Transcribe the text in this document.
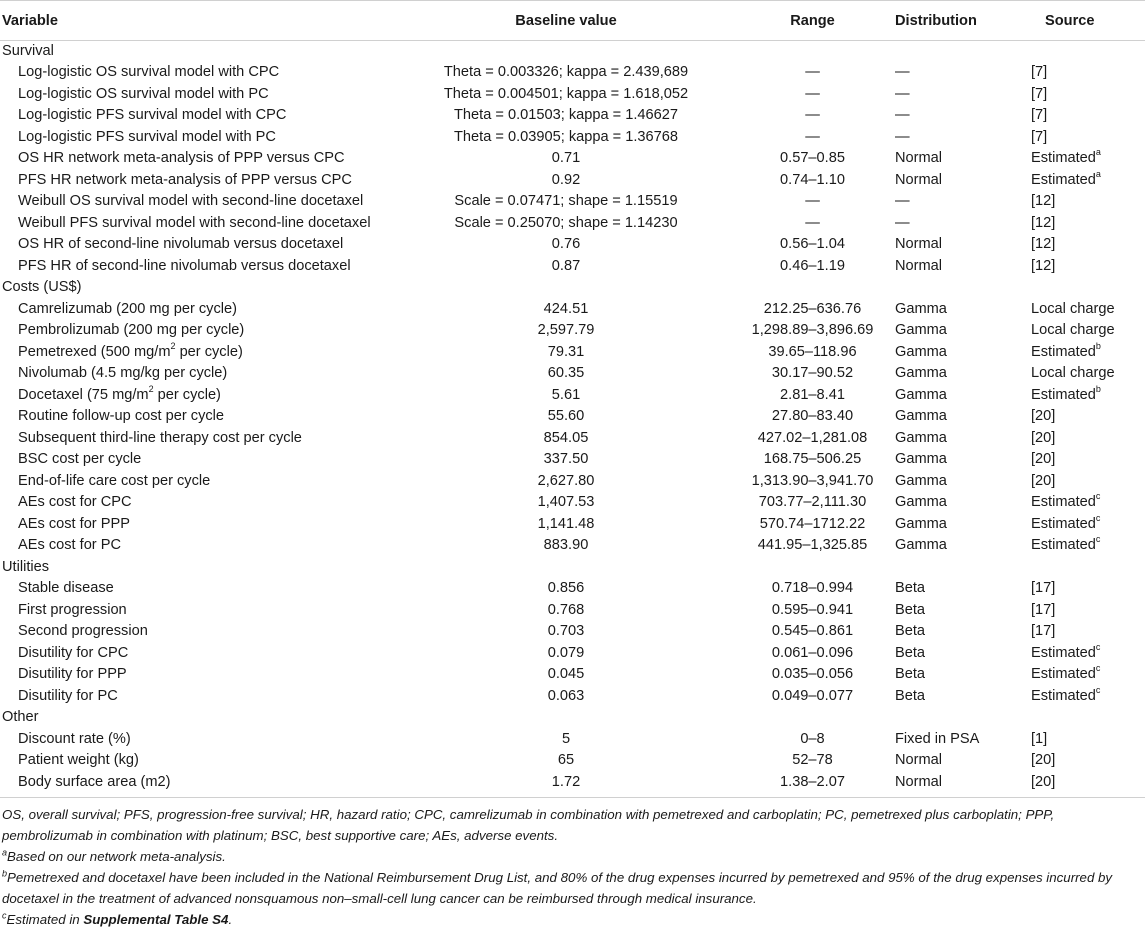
Variable	Baseline value	Range	Distribution	Source
Survival				
Log-logistic OS survival model with CPC	Theta = 0.003326; kappa = 2.439,689	—	—	[7]
Log-logistic OS survival model with PC	Theta = 0.004501; kappa = 1.618,052	—	—	[7]
Log-logistic PFS survival model with CPC	Theta = 0.01503; kappa = 1.46627	—	—	[7]
Log-logistic PFS survival model with PC	Theta = 0.03905; kappa = 1.36768	—	—	[7]
OS HR network meta-analysis of PPP versus CPC	0.71	0.57–0.85	Normal	Estimated$^a$
PFS HR network meta-analysis of PPP versus CPC	0.92	0.74–1.10	Normal	Estimated$^a$
Weibull OS survival model with second-line docetaxel	Scale = 0.07471; shape = 1.15519	—	—	[12]
Weibull PFS survival model with second-line docetaxel	Scale = 0.25070; shape = 1.14230	—	—	[12]
OS HR of second-line nivolumab versus docetaxel	0.76	0.56–1.04	Normal	[12]
PFS HR of second-line nivolumab versus docetaxel	0.87	0.46–1.19	Normal	[12]
Costs (US$)				
Camrelizumab (200 mg per cycle)	424.51	212.25–636.76	Gamma	Local charge
Pembrolizumab (200 mg per cycle)	2,597.79	1,298.89–3,896.69	Gamma	Local charge
Pemetrexed (500 $mg/m^2$ per cycle)	79.31	39.65–118.96	Gamma	Estimated$^b$
Nivolumab (4.5 mg/kg per cycle)	60.35	30.17–90.52	Gamma	Local charge
Docetaxel (75 $mg/m^2$ per cycle)	5.61	2.81–8.41	Gamma	Estimated$^b$
Routine follow-up cost per cycle	55.60	27.80–83.40	Gamma	[20]
Subsequent third-line therapy cost per cycle	854.05	427.02–1,281.08	Gamma	[20]
BSC cost per cycle	337.50	168.75–506.25	Gamma	[20]
End-of-life care cost per cycle	2,627.80	1,313.90–3,941.70	Gamma	[20]
AEs cost for CPC	1,407.53	703.77–2,111.30	Gamma	Estimated$^c$
AEs cost for PPP	1,141.48	570.74–1712.22	Gamma	Estimated$^c$
AEs cost for PC	883.90	441.95–1,325.85	Gamma	Estimated$^c$
Utilities				
Stable disease	0.856	0.718–0.994	Beta	[17]
First progression	0.768	0.595–0.941	Beta	[17]
Second progression	0.703	0.545–0.861	Beta	[17]
Disutility for CPC	0.079	0.061–0.096	Beta	Estimated$^c$
Disutility for PPP	0.045	0.035–0.056	Beta	Estimated$^c$
Disutility for PC	0.063	0.049–0.077	Beta	Estimated$^c$
Other				
Discount rate (%)	5	0–8	Fixed in PSA	[1]
Patient weight (kg)	65	52–78	Normal	[20]
Body surface area (m2)	1.72	1.38–2.07	Normal	[20]

OS, overall survival; PFS, progression-free survival; HR, hazard ratio; CPC, camrelizumab in combination with pemetrexed and carboplatin; PC, pemetrexed plus carboplatin; PPP, pembrolizumab in combination with platinum; BSC, best supportive care; AEs, adverse events.

$^a$Based on our network meta-analysis.

$^b$Pemetrexed and docetaxel have been included in the National Reimbursement Drug List, and 80% of the drug expenses incurred by pemetrexed and 95% of the drug expenses incurred by docetaxel in the treatment of advanced nonsquamous non–small-cell lung cancer can be reimbursed through medical insurance.

$^c$Estimated in Supplemental Table S4.
